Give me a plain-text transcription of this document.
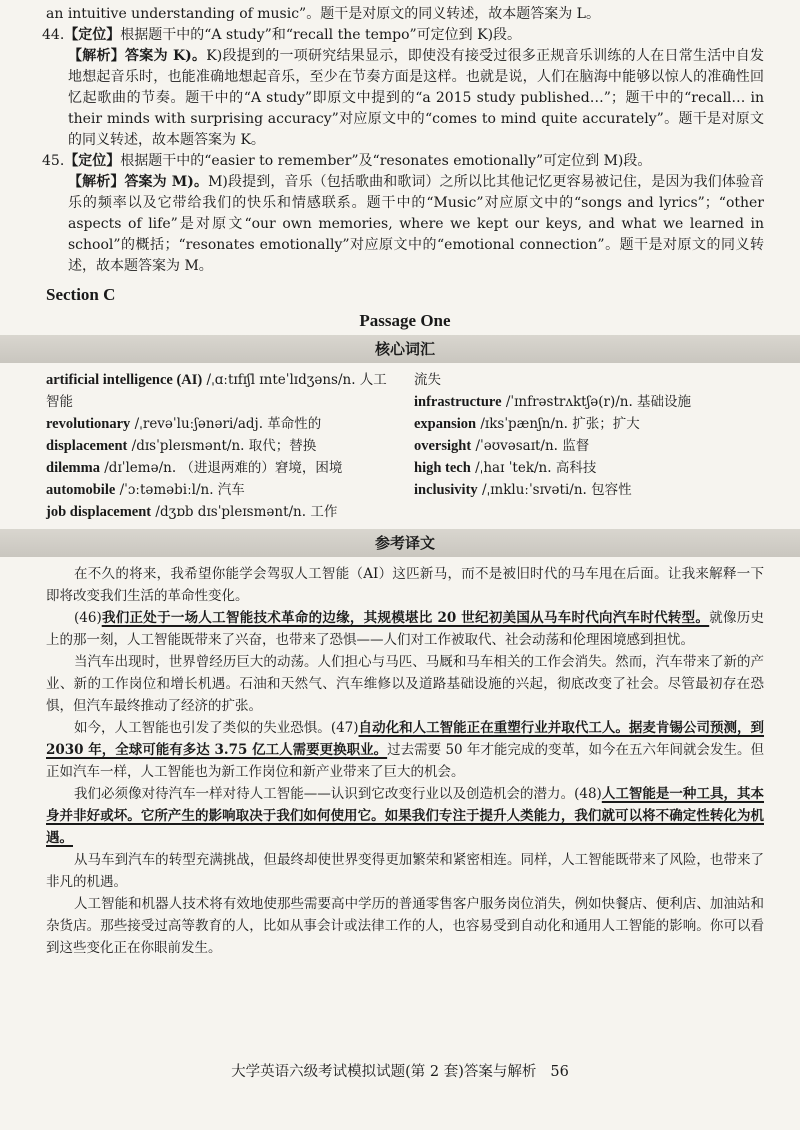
an intuitive understanding of music”。题干是对原文的同义转述，故本题答案为 L。

44.【定位】根据题干中的“A study”和“recall the tempo”可定位到 K)段。

【解析】答案为 K)。K)段提到的一项研究结果显示，即使没有接受过很多正规音乐训练的人在日常生活中自发地想起音乐时，也能准确地想起音乐，至少在节奏方面是这样。也就是说，人们在脑海中能够以惊人的准确性回忆起歌曲的节奏。题干中的“A study”即原文中提到的“a 2015 study published…”；题干中的“recall… in their minds with surprising accuracy”对应原文中的“comes to mind quite accurately”。题干是对原文的同义转述，故本题答案为 K。

45.【定位】根据题干中的“easier to remember”及“resonates emotionally”可定位到 M)段。

【解析】答案为 M)。M)段提到，音乐（包括歌曲和歌词）之所以比其他记忆更容易被记住，是因为我们体验音乐的频率以及它带给我们的快乐和情感联系。题干中的“Music”对应原文中的“songs and lyrics”；“other aspects of life”是对原文“our own memories, where we kept our keys, and what we learned in school”的概括；“resonates emotionally”对应原文中的“emotional connection”。题干是对原文的同义转述，故本题答案为 M。

Section C

Passage One

核心词汇

artificial intelligence (AI) /ˌɑːtɪfɪʃl ɪnteˈlɪdʒəns/n. 人工智能

revolutionary /ˌrevəˈluːʃənəri/adj. 革命性的

displacement /dɪsˈpleɪsmənt/n. 取代；替换

dilemma /dɪˈlemə/n. （进退两难的）窘境，困境

automobile /ˈɔːtəməbiːl/n. 汽车

job displacement /dʒɒb dɪsˈpleɪsmənt/n. 工作

流失

infrastructure /ˈɪnfrəstrʌktʃə(r)/n. 基础设施

expansion /ɪksˈpænʃn/n. 扩张；扩大

oversight /ˈəʊvəsaɪt/n. 监督

high tech /ˌhaɪ ˈtek/n. 高科技

inclusivity /ˌɪnkluːˈsɪvəti/n. 包容性

参考译文

在不久的将来，我希望你能学会驾驭人工智能（AI）这匹新马，而不是被旧时代的马车甩在后面。让我来解释一下即将改变我们生活的革命性变化。

(46)我们正处于一场人工智能技术革命的边缘，其规模堪比 20 世纪初美国从马车时代向汽车时代转型。就像历史上的那一刻，人工智能既带来了兴奋，也带来了恐惧——人们对工作被取代、社会动荡和伦理困境感到担忧。

当汽车出现时，世界曾经历巨大的动荡。人们担心与马匹、马厩和马车相关的工作会消失。然而，汽车带来了新的产业、新的工作岗位和增长机遇。石油和天然气、汽车维修以及道路基础设施的兴起，彻底改变了社会。尽管最初存在恐惧，但汽车最终推动了经济的扩张。

如今，人工智能也引发了类似的失业恐惧。(47)自动化和人工智能正在重塑行业并取代工人。据麦肯锡公司预测，到 2030 年，全球可能有多达 3.75 亿工人需要更换职业。过去需要 50 年才能完成的变革，如今在五六年间就会发生。但正如汽车一样，人工智能也为新工作岗位和新产业带来了巨大的机会。

我们必须像对待汽车一样对待人工智能——认识到它改变行业以及创造机会的潜力。(48)人工智能是一种工具，其本身并非好或坏。它所产生的影响取决于我们如何使用它。如果我们专注于提升人类能力，我们就可以将不确定性转化为机遇。

从马车到汽车的转型充满挑战，但最终却使世界变得更加繁荣和紧密相连。同样，人工智能既带来了风险，也带来了非凡的机遇。

人工智能和机器人技术将有效地使那些需要高中学历的普通零售客户服务岗位消失，例如快餐店、便利店、加油站和杂货店。那些接受过高等教育的人，比如从事会计或法律工作的人，也容易受到自动化和通用人工智能的影响。你可以看到这些变化正在你眼前发生。

大学英语六级考试模拟试题(第 2 套)答案与解析 56
